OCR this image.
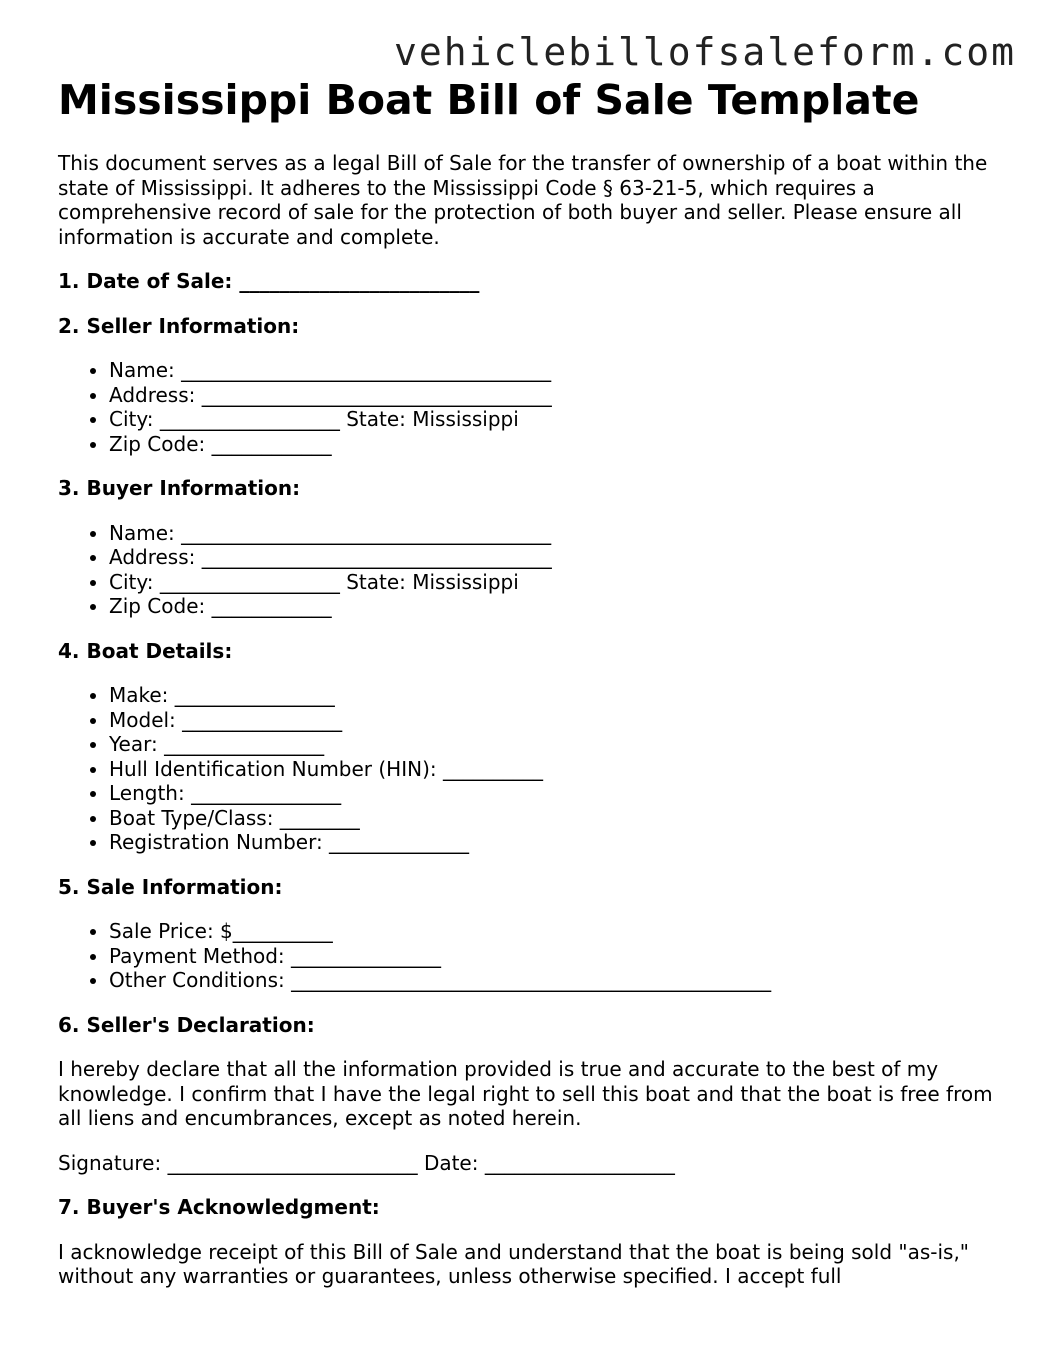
vehiclebillofsaleform.com
Mississippi Boat Bill of Sale Template

This document serves as a legal Bill of Sale for the transfer of ownership of a boat within the state of Mississippi. It adheres to the Mississippi Code § 63-21-5, which requires a comprehensive record of sale for the protection of both buyer and seller. Please ensure all information is accurate and complete.

1. Date of Sale: ________________________
2. Seller Information:
• Name: _____________________________________
• Address: ___________________________________
• City: __________________ State: Mississippi
• Zip Code: ____________
3. Buyer Information:
• Name: _____________________________________
• Address: ___________________________________
• City: __________________ State: Mississippi
• Zip Code: ____________
4. Boat Details:
• Make: ________________
• Model: ________________
• Year: ________________
• Hull Identification Number (HIN): __________
• Length: _______________
• Boat Type/Class: ________
• Registration Number: ______________
5. Sale Information:
• Sale Price: $__________
• Payment Method: _______________
• Other Conditions: ________________________________________________
6. Seller's Declaration:

I hereby declare that all the information provided is true and accurate to the best of my knowledge. I confirm that I have the legal right to sell this boat and that the boat is free from all liens and encumbrances, except as noted herein.

Signature: _________________________ Date: ___________________

7. Buyer's Acknowledgment:

I acknowledge receipt of this Bill of Sale and understand that the boat is being sold "as-is," without any warranties or guarantees, unless otherwise specified. I accept full
